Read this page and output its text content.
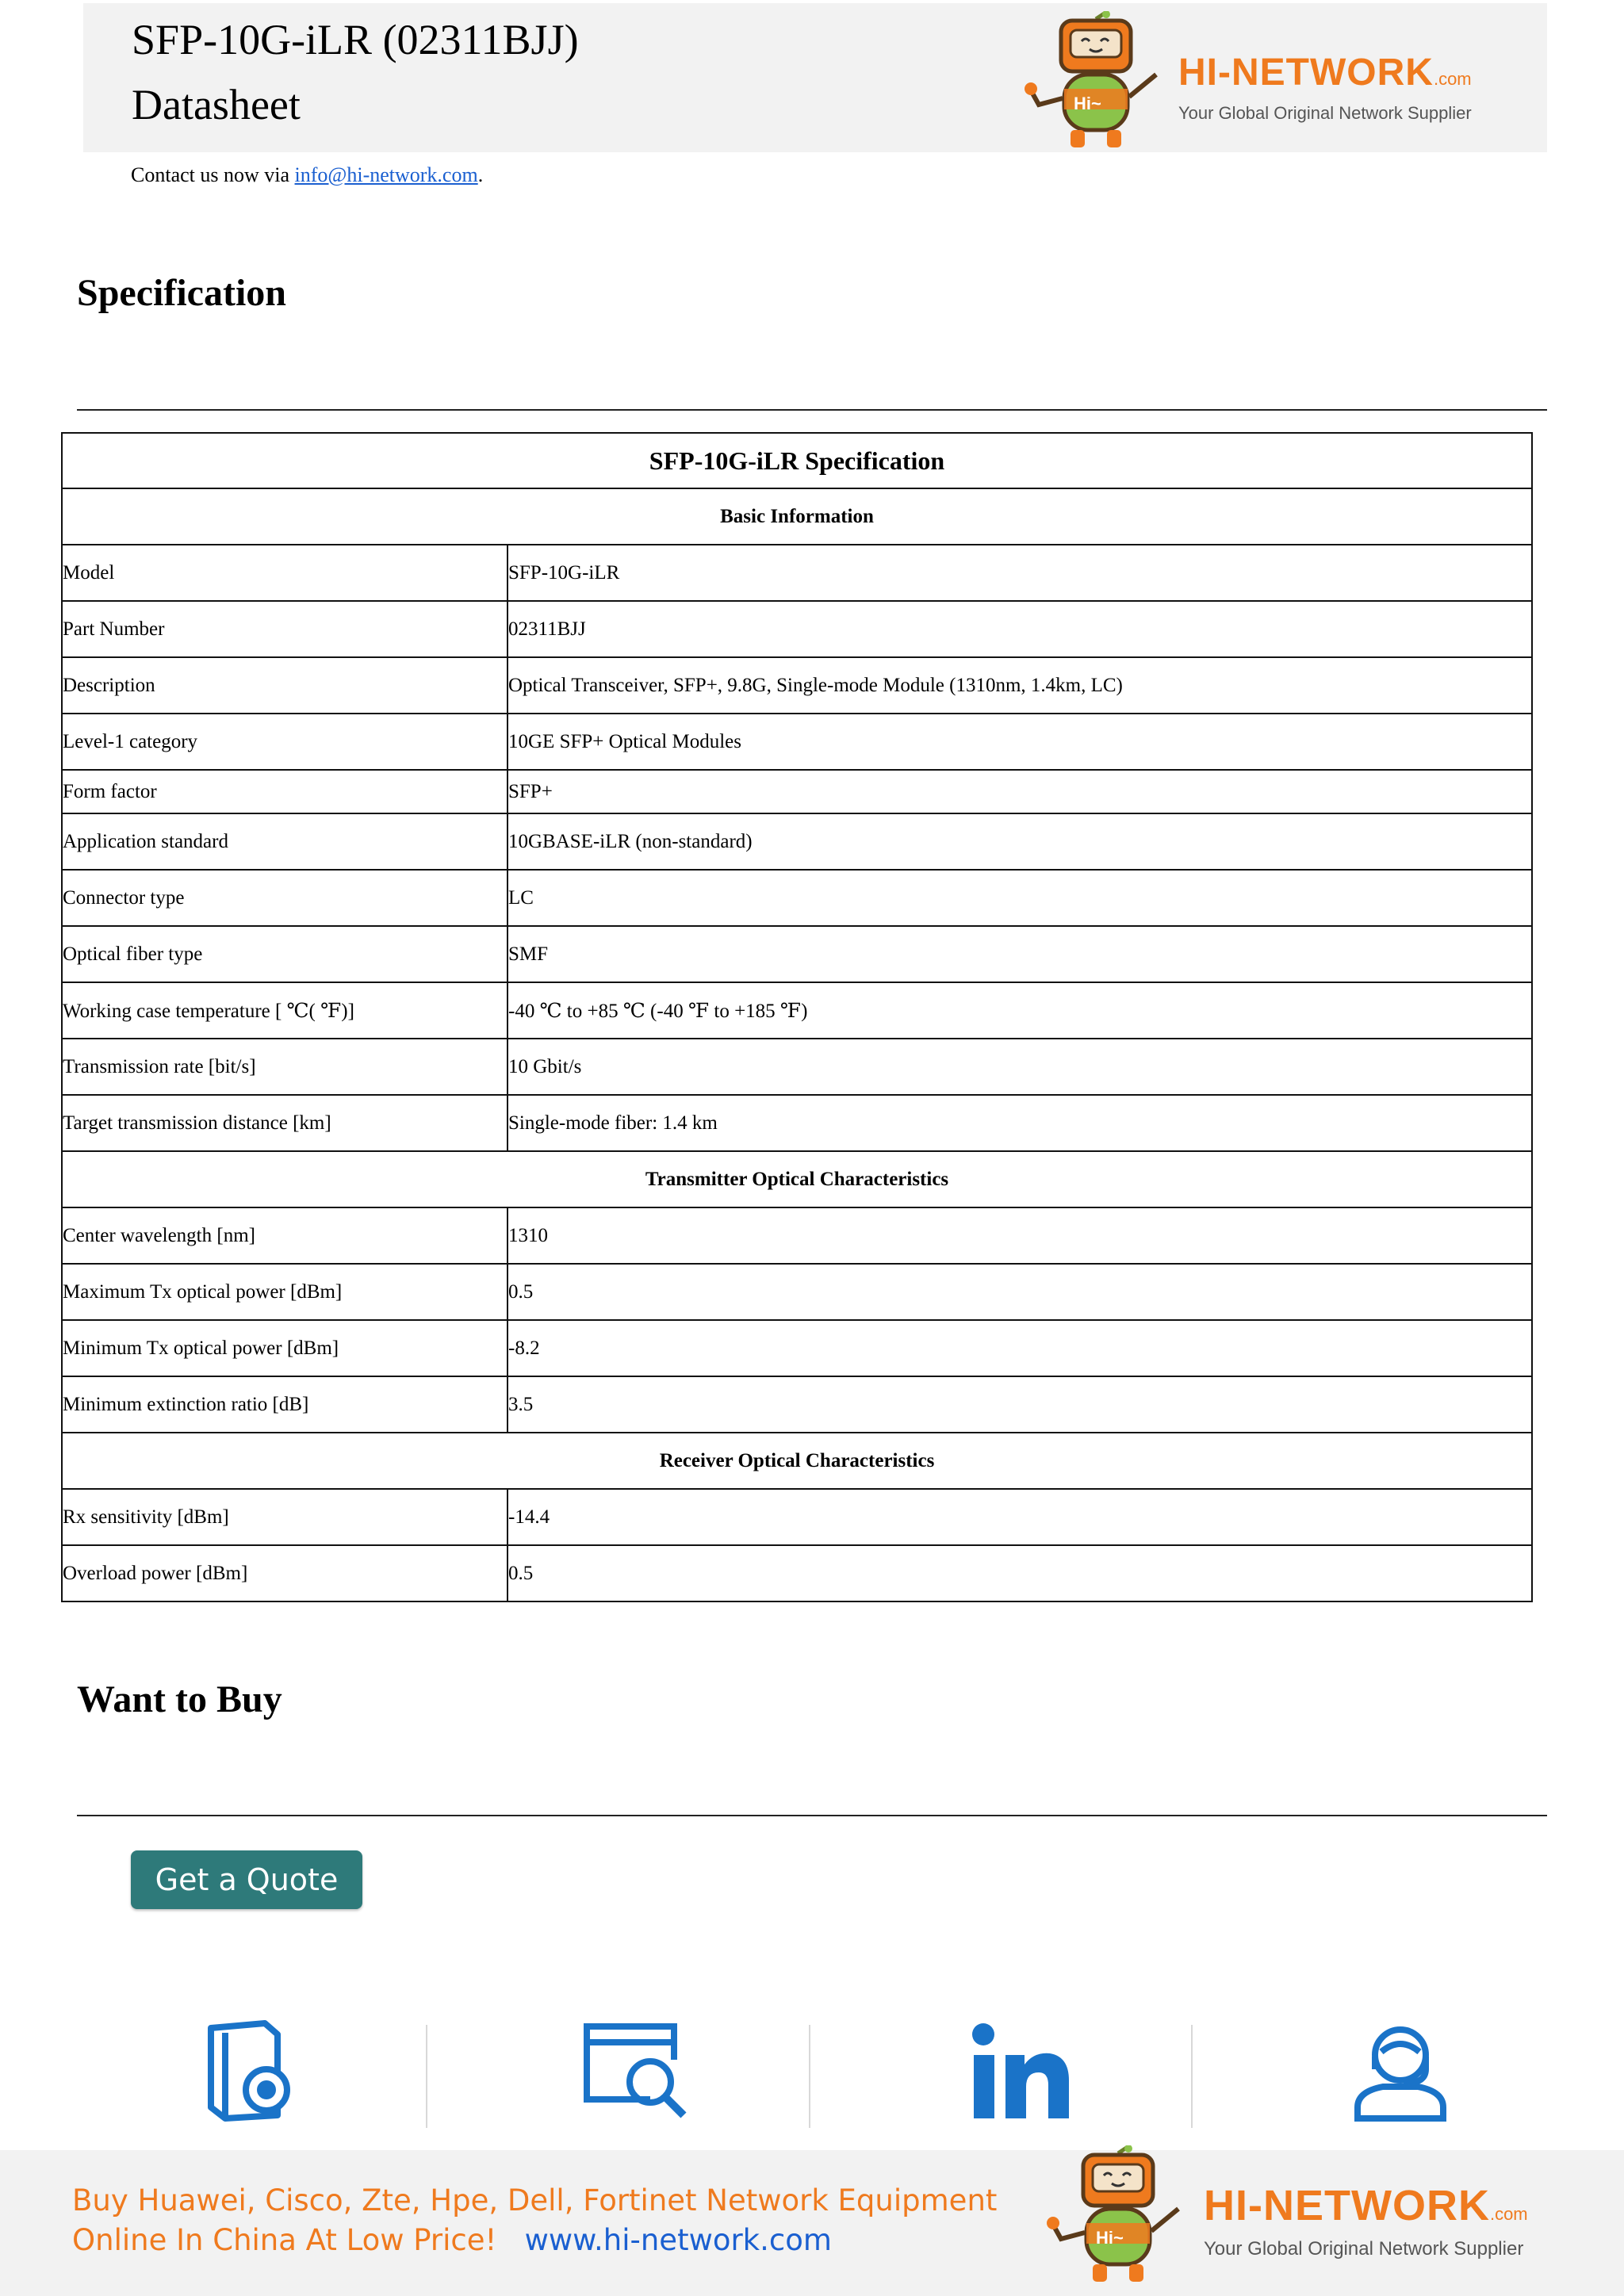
SFP-10G-iLR (02311BJJ)
Datasheet	Hi~
HI-NETWORK.com
Your Global Original Network Supplier
Contact us now via info@hi-network.com.
Specification
SFP-10G-iLR Specification	
Basic Information	
Model	SFP-10G-iLR
Part Number	02311BJJ
Description	Optical Transceiver, SFP+, 9.8G, Single-mode Module (1310nm, 1.4km, LC)
Level-1 category	10GE SFP+ Optical Modules
Form factor	SFP+
Application standard	10GBASE-iLR (non-standard)
Connector type	LC
Optical fiber type	SMF
Working case temperature [ ℃( ℉)]	-40 ℃ to +85 ℃ (-40 ℉ to +185 ℉)
Transmission rate [bit/s]	10 Gbit/s
Target transmission distance [km]	Single-mode fiber: 1.4 km
Transmitter Optical Characteristics	
Center wavelength [nm]	1310
Maximum Tx optical power [dBm]	0.5
Minimum Tx optical power [dBm]	-8.2
Minimum extinction ratio [dB]	3.5
Receiver Optical Characteristics	
Rx sensitivity [dBm]	-14.4
Overload power [dBm]	0.5
Want to Buy
Get a Quote
Buy Huawei, Cisco, Zte, Hpe, Dell, Fortinet Network Equipment
Online In China At Low Price! www.hi-network.com	Hi~
HI-NETWORK.com
Your Global Original Network Supplier
